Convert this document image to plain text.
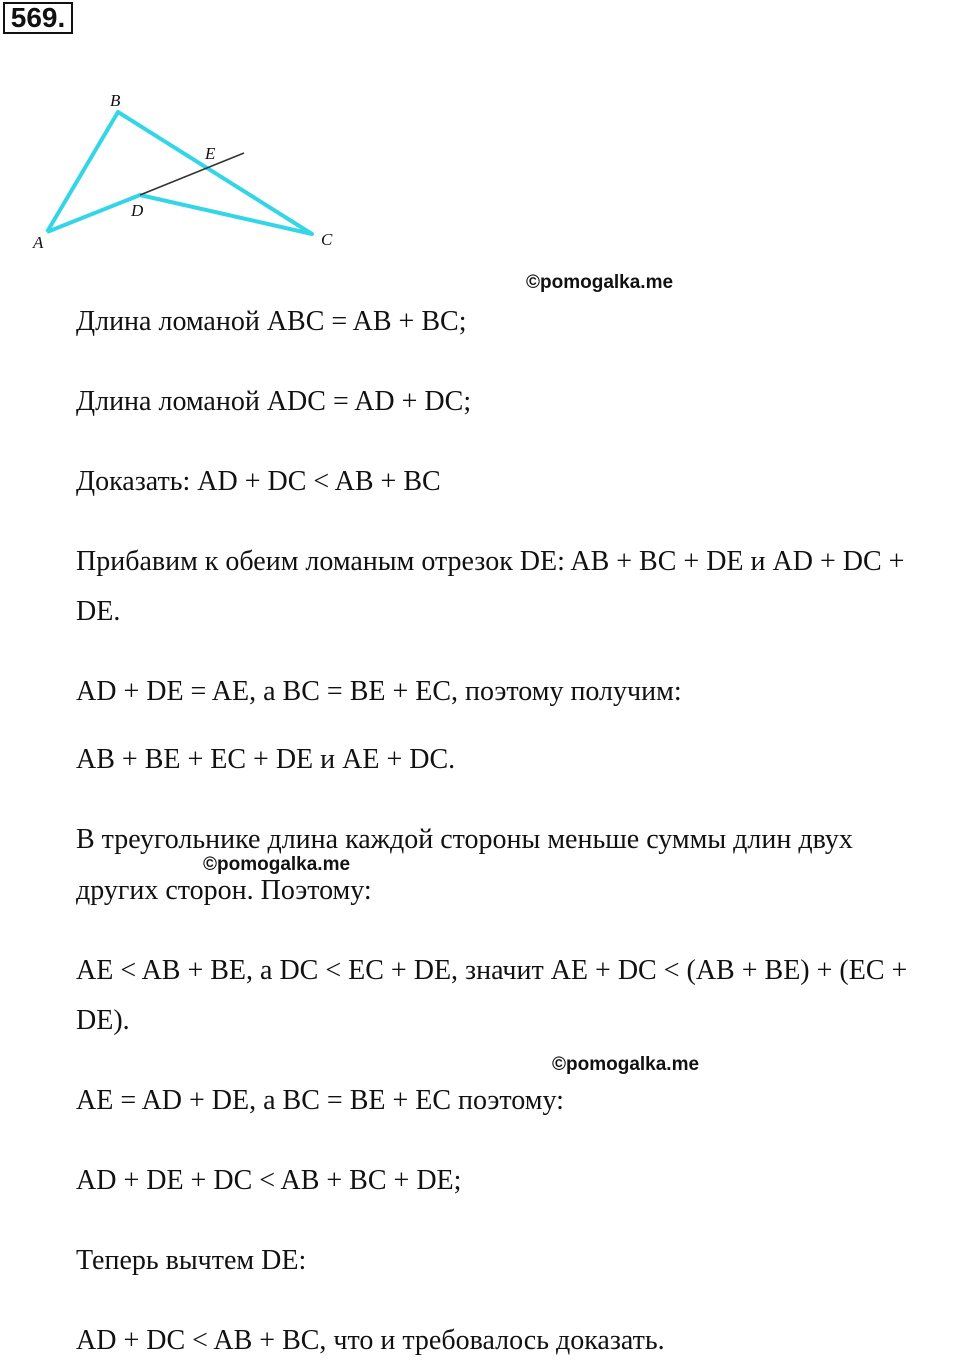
569.
A
B
C
D
E
©pomogalka.me
©pomogalka.me
©pomogalka.me
Длина ломаной ABC = AB + BC;
Длина ломаной ADC = AD + DC;
Доказать: AD + DC < AB + BC
Прибавим к обеим ломаным отрезок DE: AB + BC + DE и AD + DC +
DE.
AD + DE = AE, а BC = BE + EC, поэтому получим:
AB + BE + EC + DE и AE + DC.
В треугольнике длина каждой стороны меньше суммы длин двух
других сторон. Поэтому:
AE < AB + BE, а DC < EC + DE, значит AE + DC < (AB + BE) + (EC +
DE).
AE = AD + DE, а BC = BE + EC поэтому:
AD + DE + DC < AB + BC + DE;
Теперь вычтем DE:
AD + DC < AB + BC, что и требовалось доказать.
